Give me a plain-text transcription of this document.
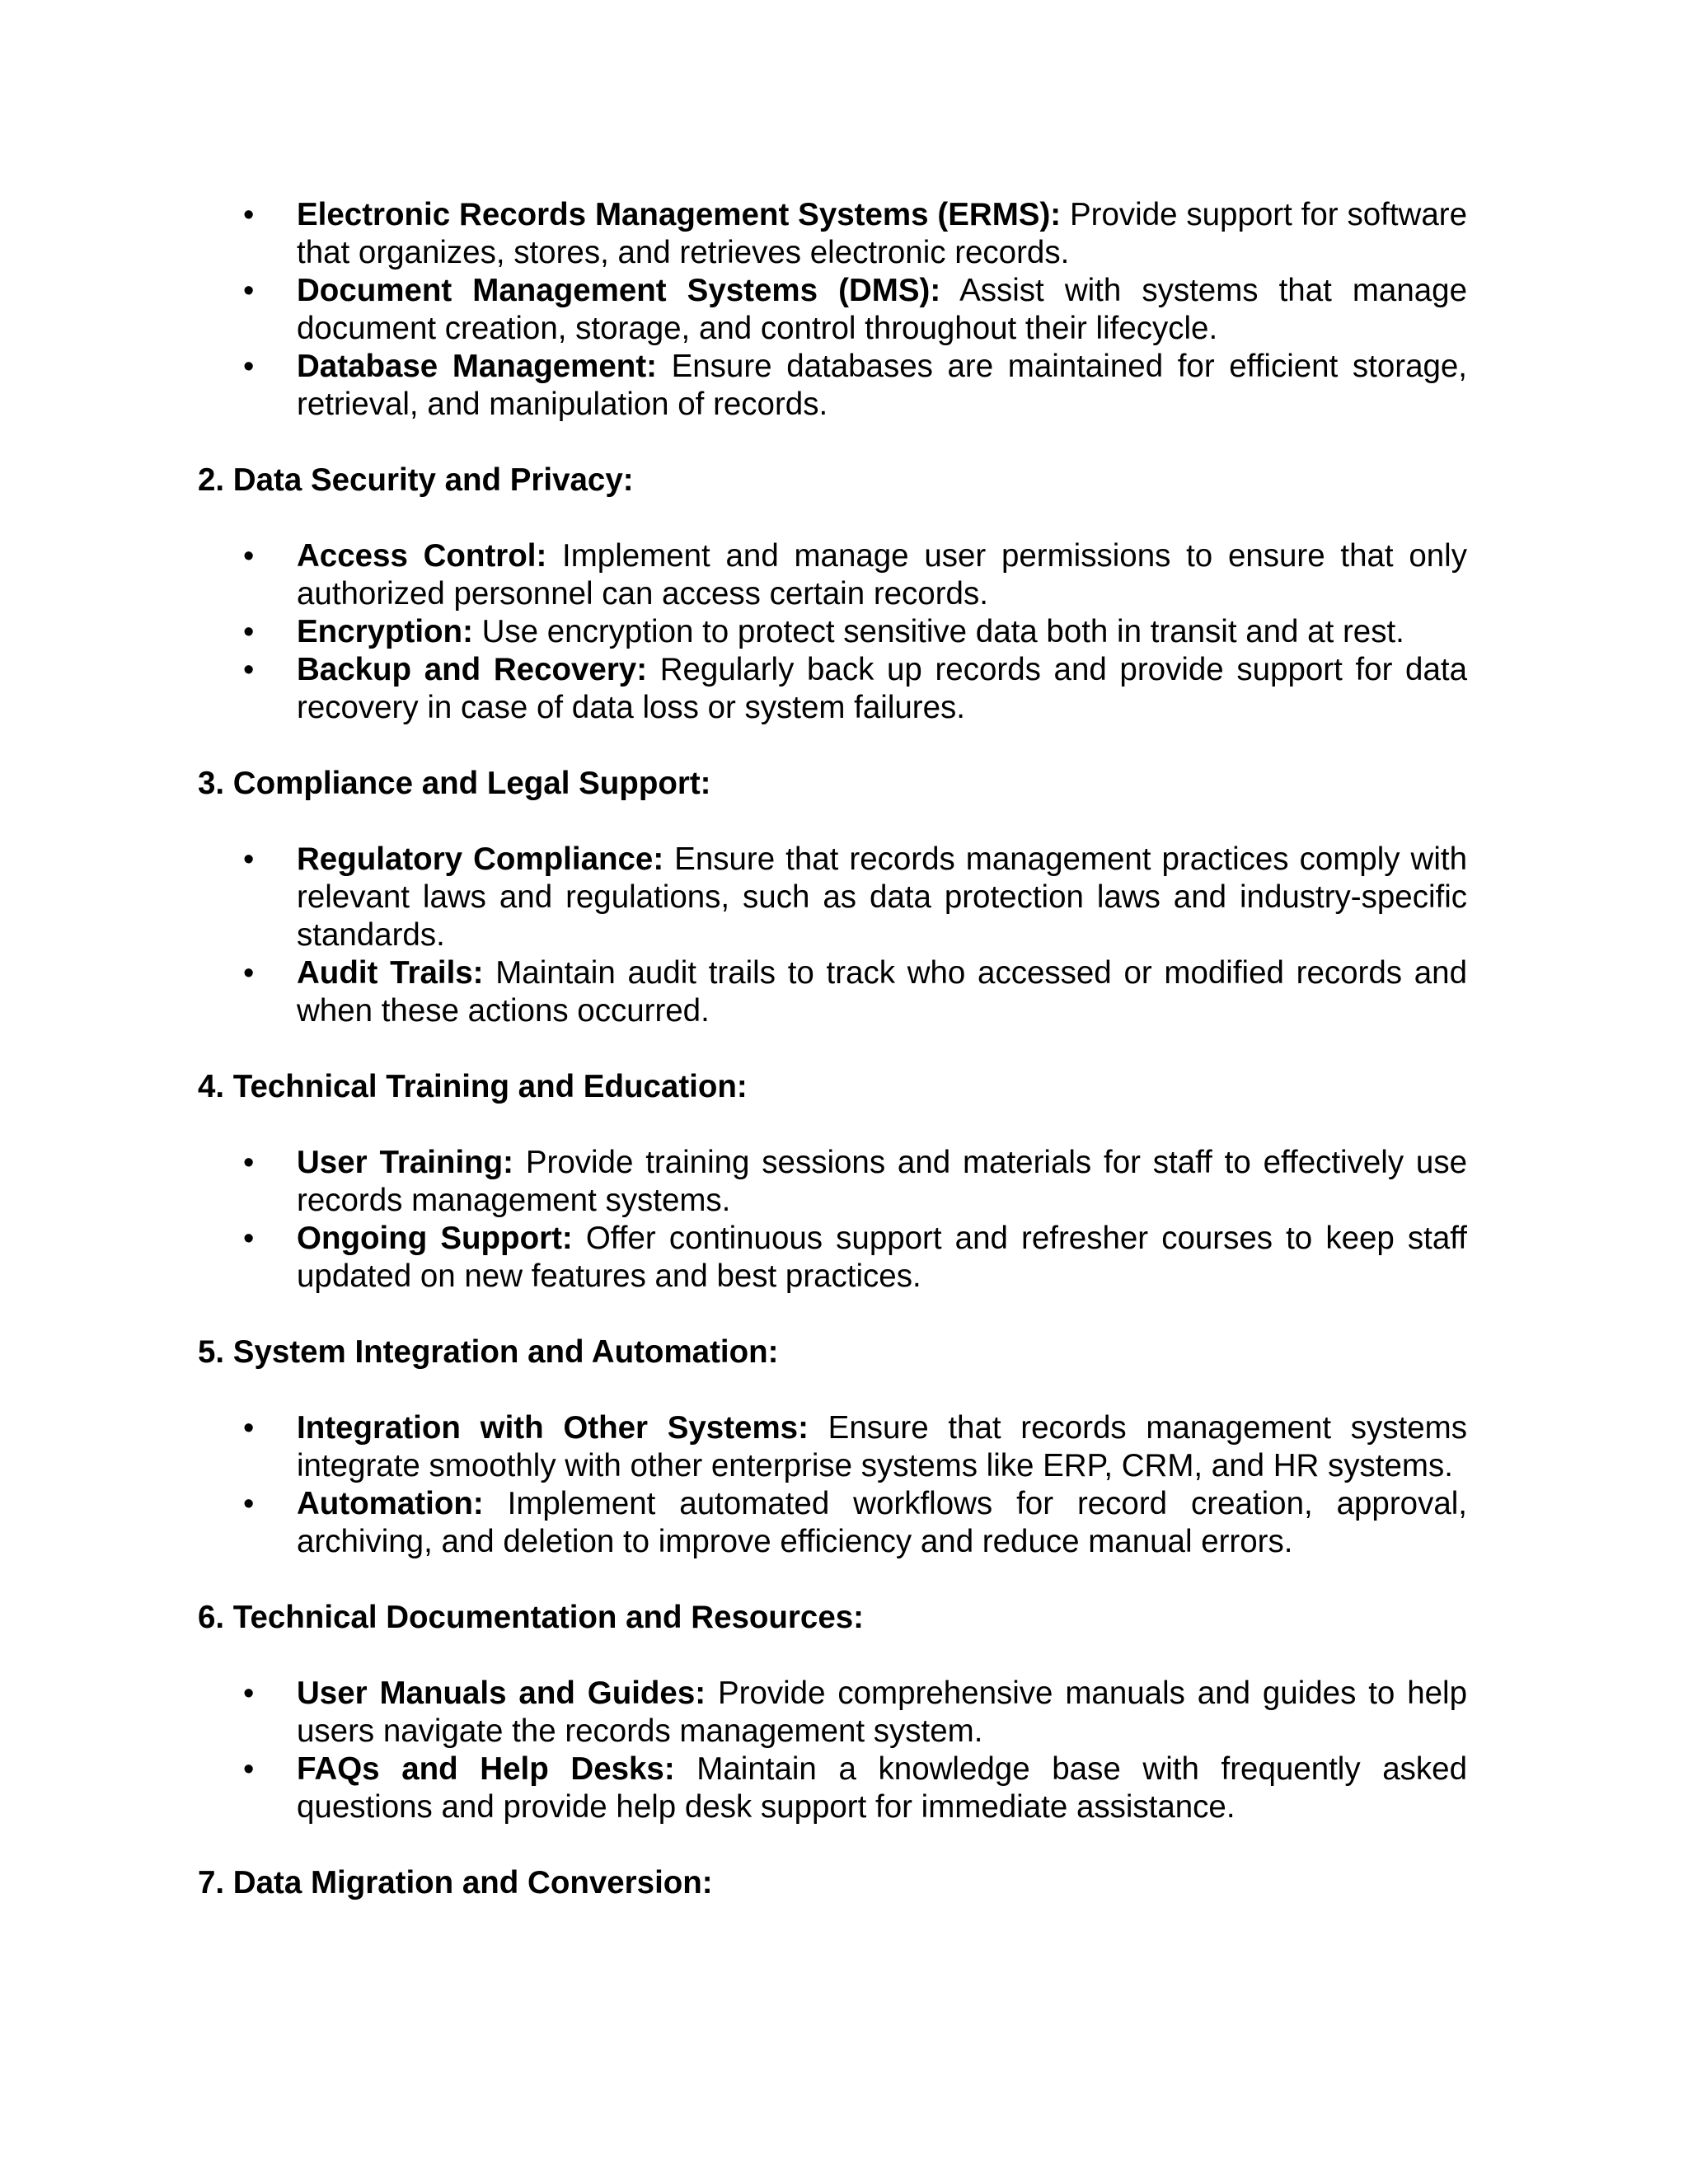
• Electronic Records Management Systems (ERMS): Provide support for software that organizes, stores, and retrieves electronic records.
• Document Management Systems (DMS): Assist with systems that manage document creation, storage, and control throughout their lifecycle.
• Database Management: Ensure databases are maintained for efficient storage, retrieval, and manipulation of records.
2. Data Security and Privacy:
• Access Control: Implement and manage user permissions to ensure that only authorized personnel can access certain records.
• Encryption: Use encryption to protect sensitive data both in transit and at rest.
• Backup and Recovery: Regularly back up records and provide support for data recovery in case of data loss or system failures.
3. Compliance and Legal Support:
• Regulatory Compliance: Ensure that records management practices comply with relevant laws and regulations, such as data protection laws and industry-specific standards.
• Audit Trails: Maintain audit trails to track who accessed or modified records and when these actions occurred.
4. Technical Training and Education:
• User Training: Provide training sessions and materials for staff to effectively use records management systems.
• Ongoing Support: Offer continuous support and refresher courses to keep staff updated on new features and best practices.
5. System Integration and Automation:
• Integration with Other Systems: Ensure that records management systems integrate smoothly with other enterprise systems like ERP, CRM, and HR systems.
• Automation: Implement automated workflows for record creation, approval, archiving, and deletion to improve efficiency and reduce manual errors.
6. Technical Documentation and Resources:
• User Manuals and Guides: Provide comprehensive manuals and guides to help users navigate the records management system.
• FAQs and Help Desks: Maintain a knowledge base with frequently asked questions and provide help desk support for immediate assistance.
7. Data Migration and Conversion:
